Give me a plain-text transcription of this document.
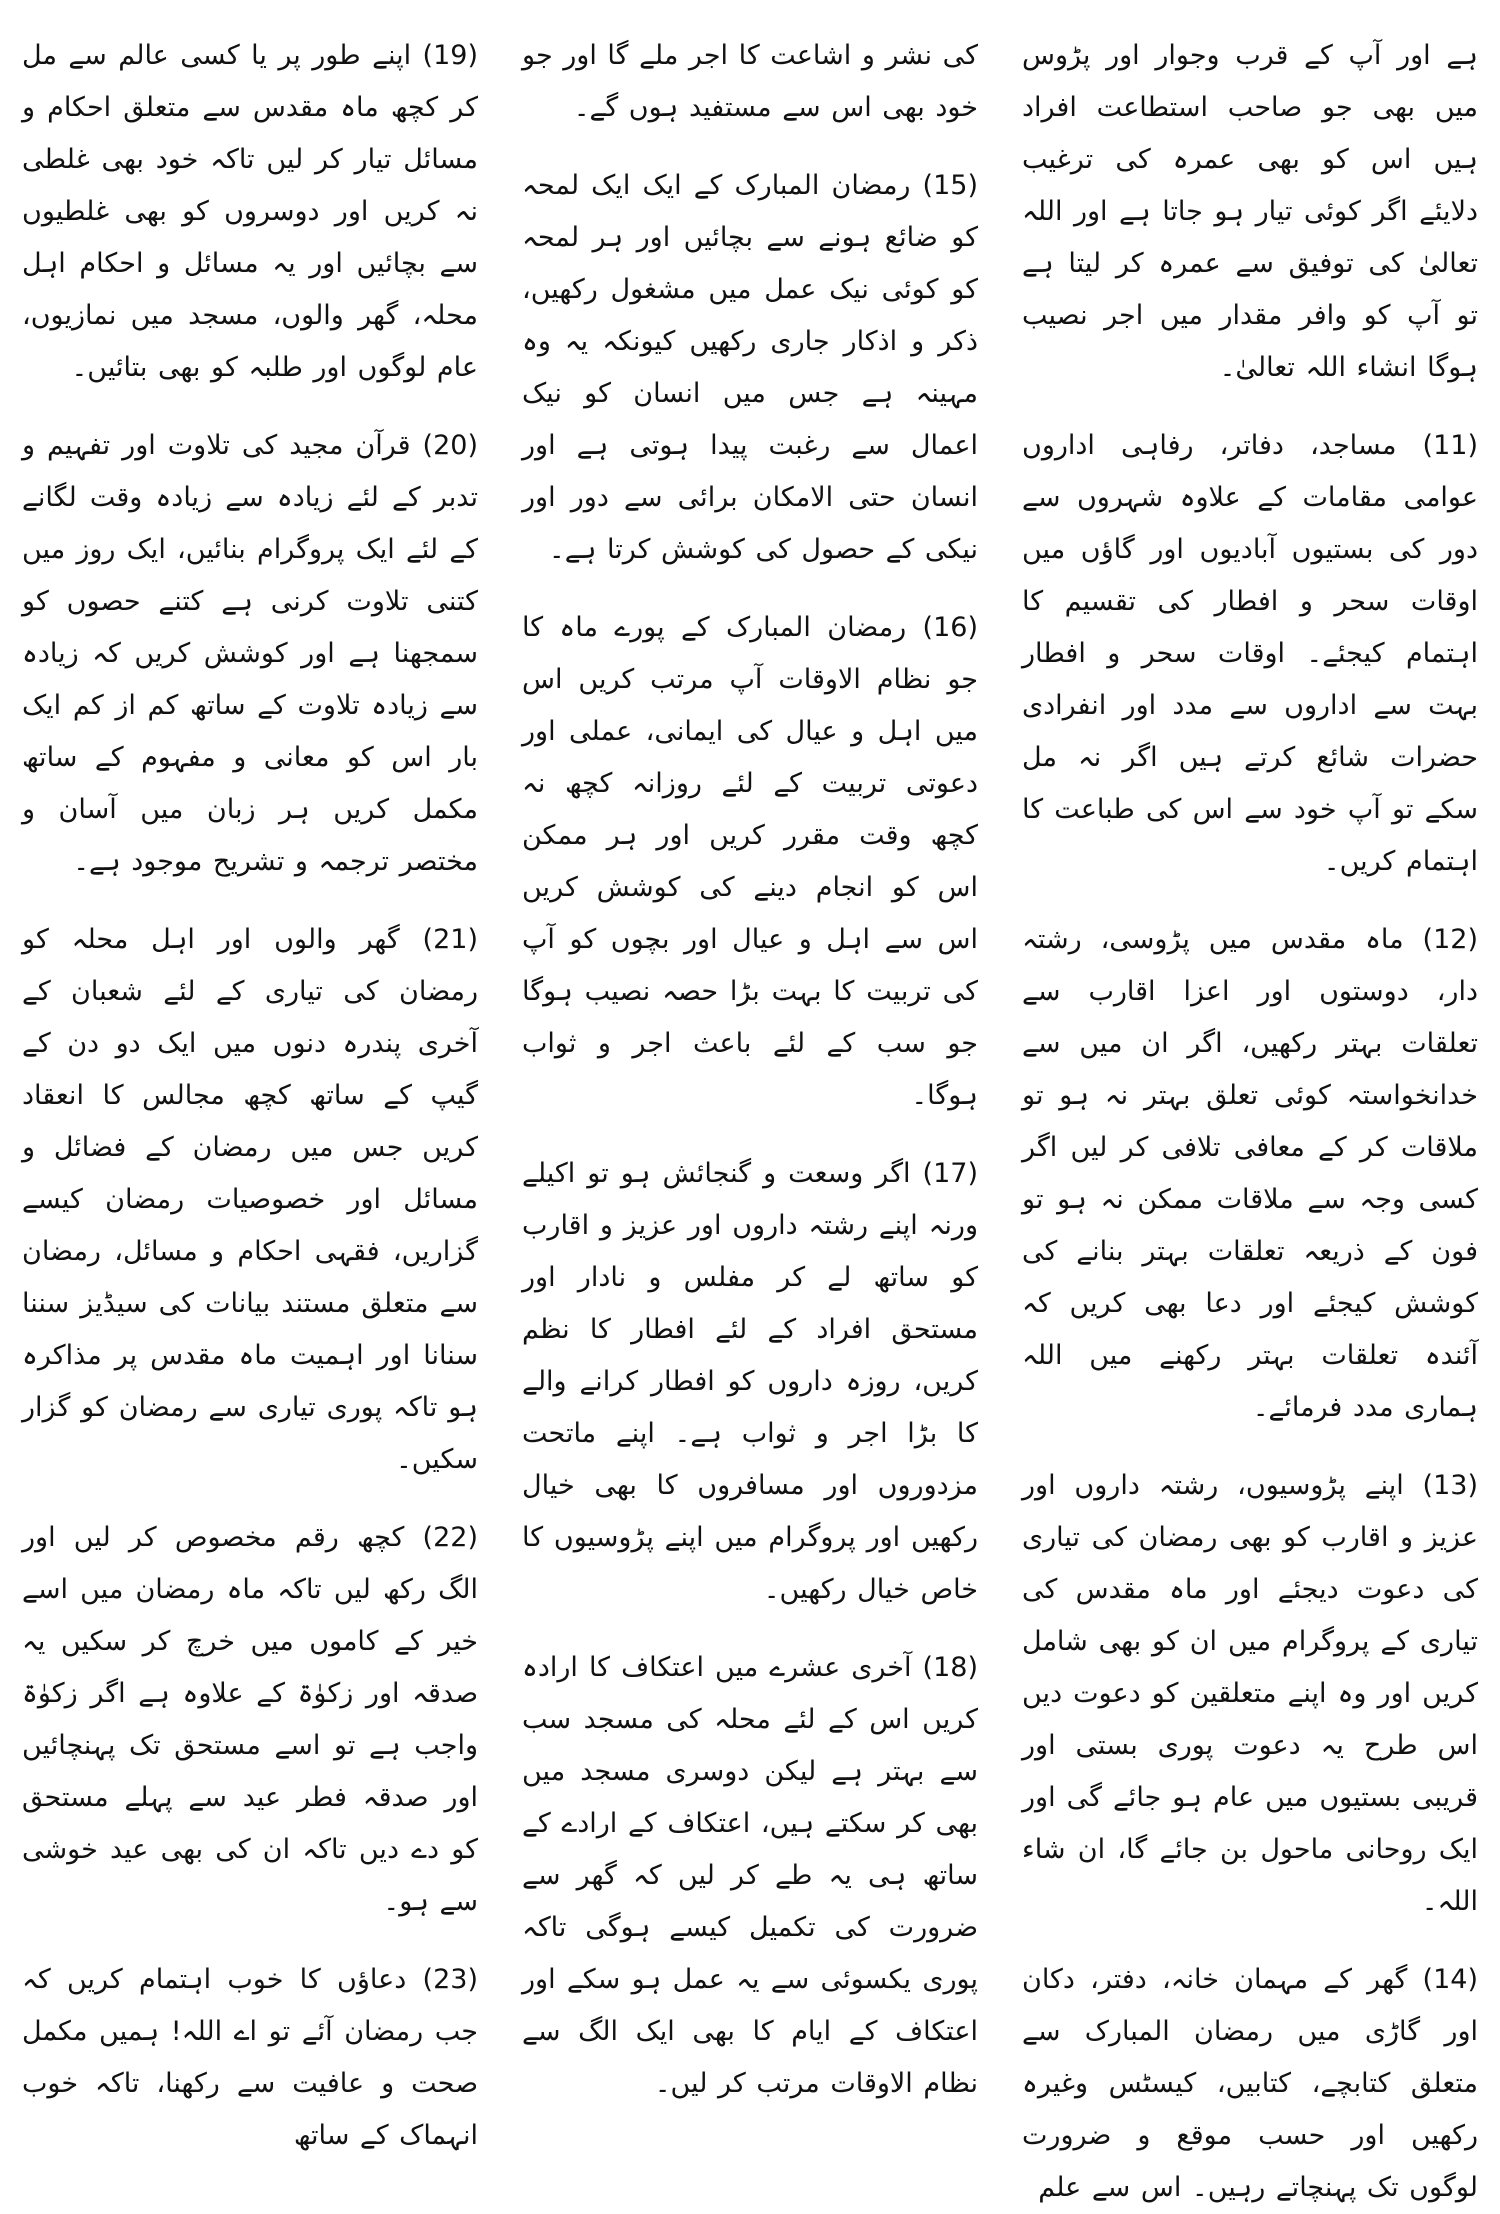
ہے اور آپ کے قرب وجوار اور پڑوس میں بھی جو صاحب استطاعت افراد ہیں اس کو بھی عمرہ کی ترغیب دلایئے اگر کوئی تیار ہو جاتا ہے اور اللہ تعالیٰ کی توفیق سے عمرہ کر لیتا ہے تو آپ کو وافر مقدار میں اجر نصیب ہوگا انشاء اللہ تعالیٰ۔

(11) مساجد، دفاتر، رفاہی اداروں عوامی مقامات کے علاوہ شہروں سے دور کی بستیوں آبادیوں اور گاؤں میں اوقات سحر و افطار کی تقسیم کا اہتمام کیجئے۔ اوقات سحر و افطار بہت سے اداروں سے مدد اور انفرادی حضرات شائع کرتے ہیں اگر نہ مل سکے تو آپ خود سے اس کی طباعت کا اہتمام کریں۔

(12) ماہ مقدس میں پڑوسی، رشتہ دار، دوستوں اور اعزا اقارب سے تعلقات بہتر رکھیں، اگر ان میں سے خدانخواستہ کوئی تعلق بہتر نہ ہو تو ملاقات کر کے معافی تلافی کر لیں اگر کسی وجہ سے ملاقات ممکن نہ ہو تو فون کے ذریعہ تعلقات بہتر بنانے کی کوشش کیجئے اور دعا بھی کریں کہ آئندہ تعلقات بہتر رکھنے میں اللہ ہماری مدد فرمائے۔

(13) اپنے پڑوسیوں، رشتہ داروں اور عزیز و اقارب کو بھی رمضان کی تیاری کی دعوت دیجئے اور ماہ مقدس کی تیاری کے پروگرام میں ان کو بھی شامل کریں اور وہ اپنے متعلقین کو دعوت دیں اس طرح یہ دعوت پوری بستی اور قریبی بستیوں میں عام ہو جائے گی اور ایک روحانی ماحول بن جائے گا، ان شاء اللہ۔

(14) گھر کے مہمان خانہ، دفتر، دکان اور گاڑی میں رمضان المبارک سے متعلق کتابچے، کتابیں، کیسٹس وغیرہ رکھیں اور حسب موقع و ضرورت لوگوں تک پہنچاتے رہیں۔ اس سے علم

کی نشر و اشاعت کا اجر ملے گا اور جو خود بھی اس سے مستفید ہوں گے۔

(15) رمضان المبارک کے ایک ایک لمحہ کو ضائع ہونے سے بچائیں اور ہر لمحہ کو کوئی نیک عمل میں مشغول رکھیں، ذکر و اذکار جاری رکھیں کیونکہ یہ وہ مہینہ ہے جس میں انسان کو نیک اعمال سے رغبت پیدا ہوتی ہے اور انسان حتی الامکان برائی سے دور اور نیکی کے حصول کی کوشش کرتا ہے۔

(16) رمضان المبارک کے پورے ماہ کا جو نظام الاوقات آپ مرتب کریں اس میں اہل و عیال کی ایمانی، عملی اور دعوتی تربیت کے لئے روزانہ کچھ نہ کچھ وقت مقرر کریں اور ہر ممکن اس کو انجام دینے کی کوشش کریں اس سے اہل و عیال اور بچوں کو آپ کی تربیت کا بہت بڑا حصہ نصیب ہوگا جو سب کے لئے باعث اجر و ثواب ہوگا۔

(17) اگر وسعت و گنجائش ہو تو اکیلے ورنہ اپنے رشتہ داروں اور عزیز و اقارب کو ساتھ لے کر مفلس و نادار اور مستحق افراد کے لئے افطار کا نظم کریں، روزہ داروں کو افطار کرانے والے کا بڑا اجر و ثواب ہے۔ اپنے ماتحت مزدوروں اور مسافروں کا بھی خیال رکھیں اور پروگرام میں اپنے پڑوسیوں کا خاص خیال رکھیں۔

(18) آخری عشرے میں اعتکاف کا ارادہ کریں اس کے لئے محلہ کی مسجد سب سے بہتر ہے لیکن دوسری مسجد میں بھی کر سکتے ہیں، اعتکاف کے ارادے کے ساتھ ہی یہ طے کر لیں کہ گھر سے ضرورت کی تکمیل کیسے ہوگی تاکہ پوری یکسوئی سے یہ عمل ہو سکے اور اعتکاف کے ایام کا بھی ایک الگ سے نظام الاوقات مرتب کر لیں۔

(19) اپنے طور پر یا کسی عالم سے مل کر کچھ ماہ مقدس سے متعلق احکام و مسائل تیار کر لیں تاکہ خود بھی غلطی نہ کریں اور دوسروں کو بھی غلطیوں سے بچائیں اور یہ مسائل و احکام اہل محلہ، گھر والوں، مسجد میں نمازیوں، عام لوگوں اور طلبہ کو بھی بتائیں۔

(20) قرآن مجید کی تلاوت اور تفہیم و تدبر کے لئے زیادہ سے زیادہ وقت لگانے کے لئے ایک پروگرام بنائیں، ایک روز میں کتنی تلاوت کرنی ہے کتنے حصوں کو سمجھنا ہے اور کوشش کریں کہ زیادہ سے زیادہ تلاوت کے ساتھ کم از کم ایک بار اس کو معانی و مفہوم کے ساتھ مکمل کریں ہر زبان میں آسان و مختصر ترجمہ و تشریح موجود ہے۔

(21) گھر والوں اور اہل محلہ کو رمضان کی تیاری کے لئے شعبان کے آخری پندرہ دنوں میں ایک دو دن کے گیپ کے ساتھ کچھ مجالس کا انعقاد کریں جس میں رمضان کے فضائل و مسائل اور خصوصیات رمضان کیسے گزاریں، فقہی احکام و مسائل، رمضان سے متعلق مستند بیانات کی سیڈیز سننا سنانا اور اہمیت ماہ مقدس پر مذاکرہ ہو تاکہ پوری تیاری سے رمضان کو گزار سکیں۔

(22) کچھ رقم مخصوص کر لیں اور الگ رکھ لیں تاکہ ماہ رمضان میں اسے خیر کے کاموں میں خرچ کر سکیں یہ صدقہ اور زکوٰۃ کے علاوہ ہے اگر زکوٰۃ واجب ہے تو اسے مستحق تک پہنچائیں اور صدقہ فطر عید سے پہلے مستحق کو دے دیں تاکہ ان کی بھی عید خوشی سے ہو۔

(23) دعاؤں کا خوب اہتمام کریں کہ جب رمضان آئے تو اے اللہ! ہمیں مکمل صحت و عافیت سے رکھنا، تاکہ خوب انہماک کے ساتھ
